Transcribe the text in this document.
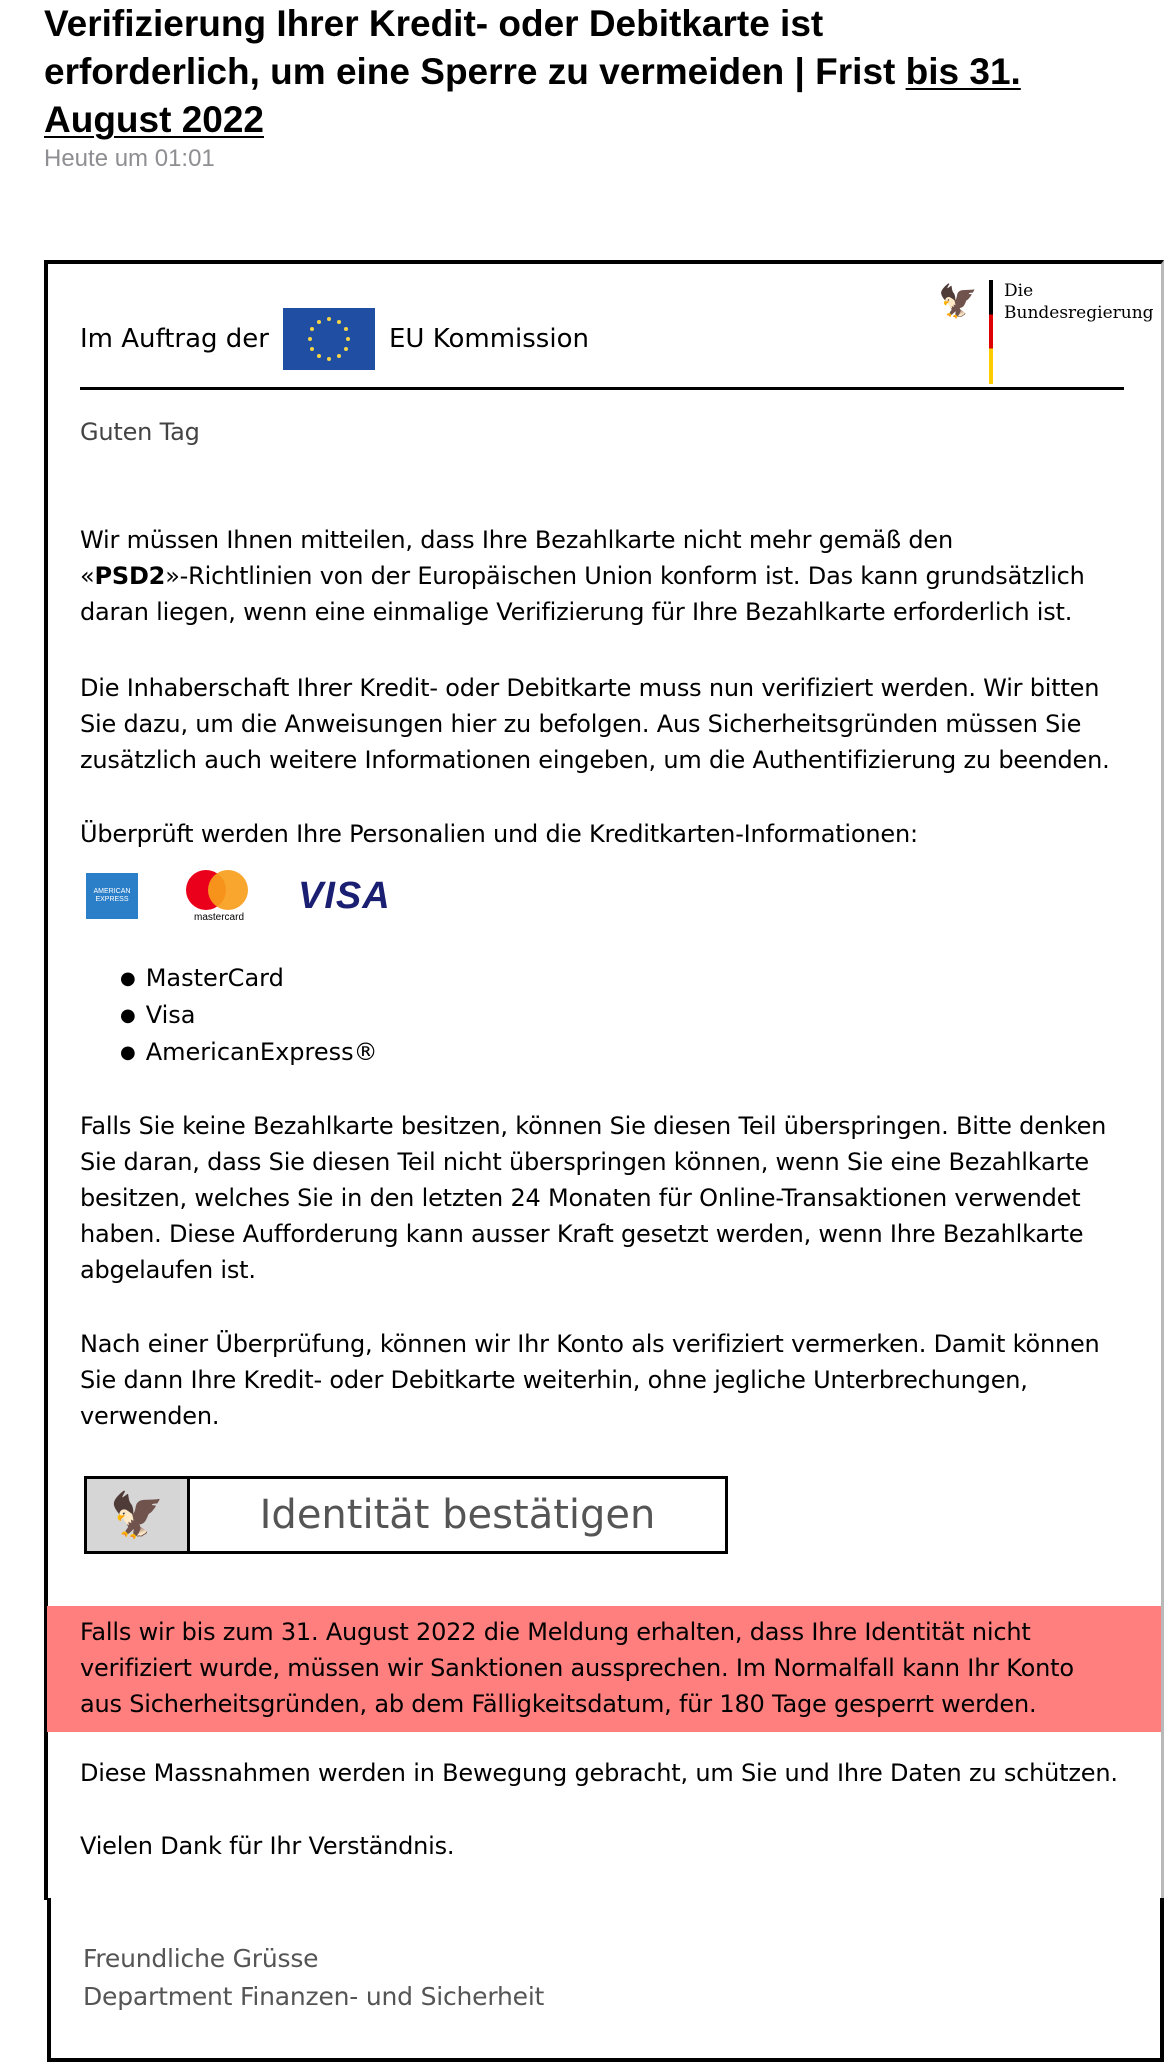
Verifizierung Ihrer Kredit- oder Debitkarte ist
erforderlich, um eine Sperre zu vermeiden | Frist bis 31.
August 2022
Heute um 01:01
Im Auftrag der	EU Kommission
🦅 Die
Bundesregierung
Guten Tag
Wir müssen Ihnen mitteilen, dass Ihre Bezahlkarte nicht mehr gemäß den
«PSD2»-Richtlinien von der Europäischen Union konform ist. Das kann grundsätzlich
daran liegen, wenn eine einmalige Verifizierung für Ihre Bezahlkarte erforderlich ist.
Die Inhaberschaft Ihrer Kredit- oder Debitkarte muss nun verifiziert werden. Wir bitten
Sie dazu, um die Anweisungen hier zu befolgen. Aus Sicherheitsgründen müssen Sie
zusätzlich auch weitere Informationen eingeben, um die Authentifizierung zu beenden.
Überprüft werden Ihre Personalien und die Kreditkarten-Informationen:
AMERICAN EXPRESS
mastercard
VISA
● MasterCard
● Visa
● AmericanExpress®
Falls Sie keine Bezahlkarte besitzen, können Sie diesen Teil überspringen. Bitte denken
Sie daran, dass Sie diesen Teil nicht überspringen können, wenn Sie eine Bezahlkarte
besitzen, welches Sie in den letzten 24 Monaten für Online-Transaktionen verwendet
haben. Diese Aufforderung kann ausser Kraft gesetzt werden, wenn Ihre Bezahlkarte
abgelaufen ist.
Nach einer Überprüfung, können wir Ihr Konto als verifiziert vermerken. Damit können
Sie dann Ihre Kredit- oder Debitkarte weiterhin, ohne jegliche Unterbrechungen,
verwenden.
🦅	Identität bestätigen
Falls wir bis zum 31. August 2022 die Meldung erhalten, dass Ihre Identität nicht
verifiziert wurde, müssen wir Sanktionen aussprechen. Im Normalfall kann Ihr Konto
aus Sicherheitsgründen, ab dem Fälligkeitsdatum, für 180 Tage gesperrt werden.
Diese Massnahmen werden in Bewegung gebracht, um Sie und Ihre Daten zu schützen.
Vielen Dank für Ihr Verständnis.
Freundliche Grüsse
Department Finanzen- und Sicherheit
